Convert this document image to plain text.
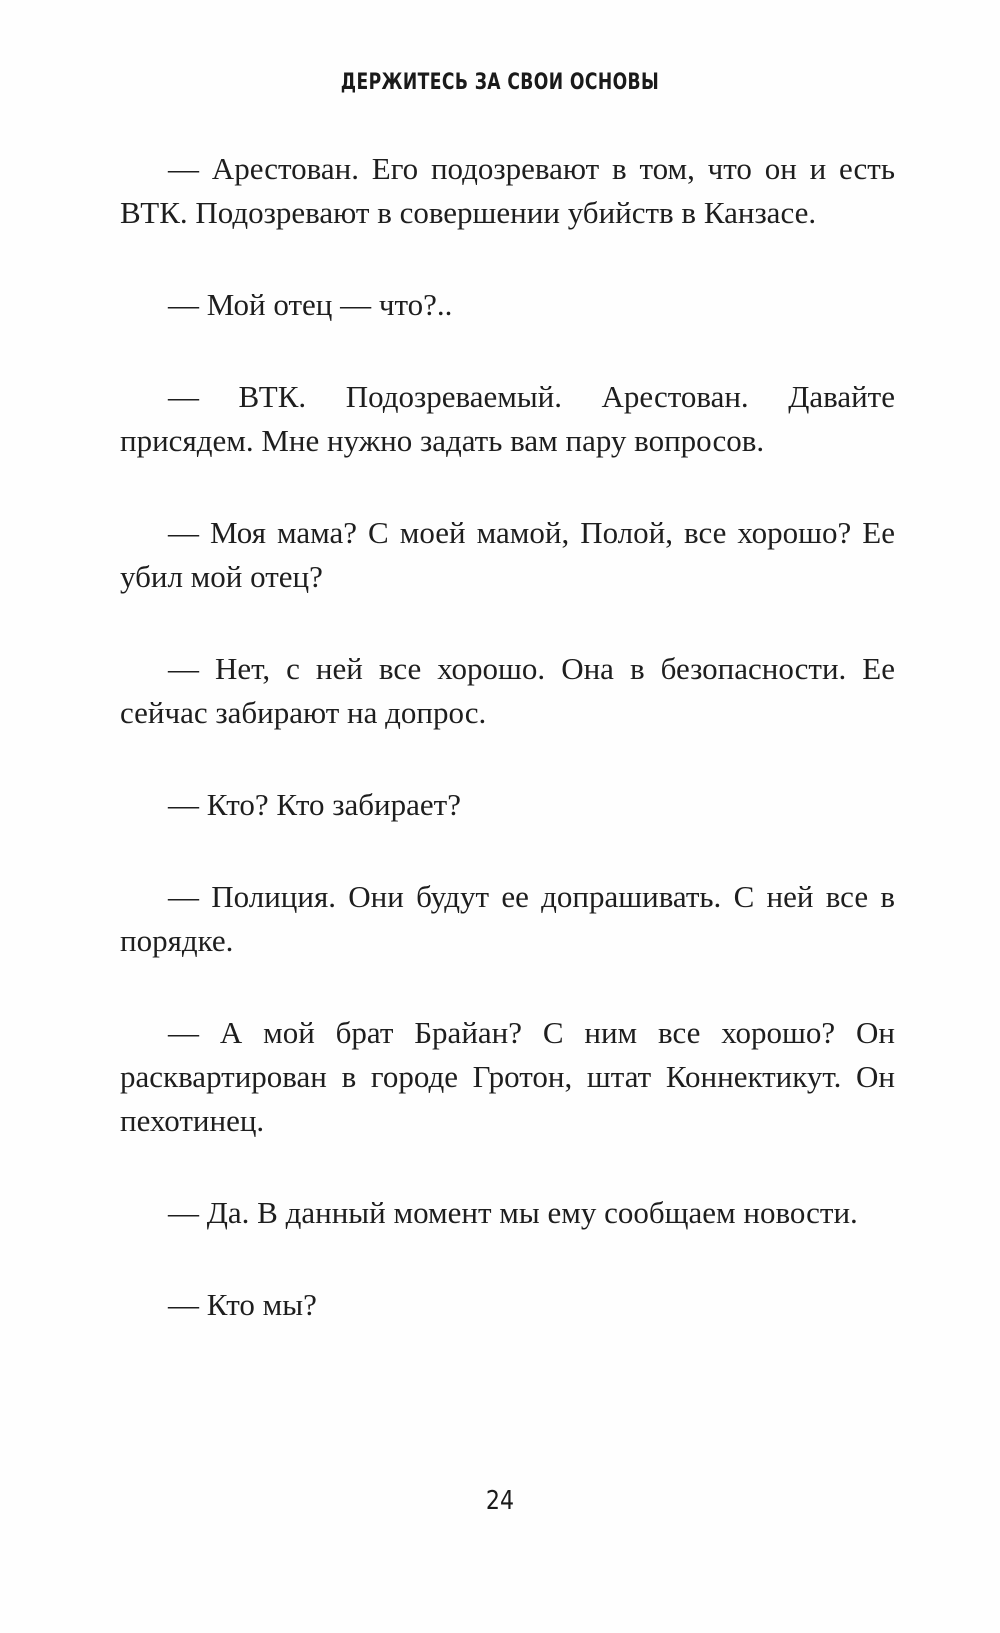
ДЕРЖИТЕСЬ ЗА СВОИ ОСНОВЫ

— Арестован. Его подозревают в том, что он и есть ВТК. Подозревают в совершении убийств в Канзасе.

— Мой отец — что?..

— ВТК. Подозреваемый. Арестован. Давайте присядем. Мне нужно задать вам пару вопросов.

— Моя мама? С моей мамой, Полой, все хорошо? Ее убил мой отец?

— Нет, с ней все хорошо. Она в безопасности. Ее сейчас забирают на допрос.

— Кто? Кто забирает?

— Полиция. Они будут ее допрашивать. С ней все в порядке.

— А мой брат Брайан? С ним все хорошо? Он расквартирован в городе Гротон, штат Коннектикут. Он пехотинец.

— Да. В данный момент мы ему сообщаем новости.

— Кто мы?

24
